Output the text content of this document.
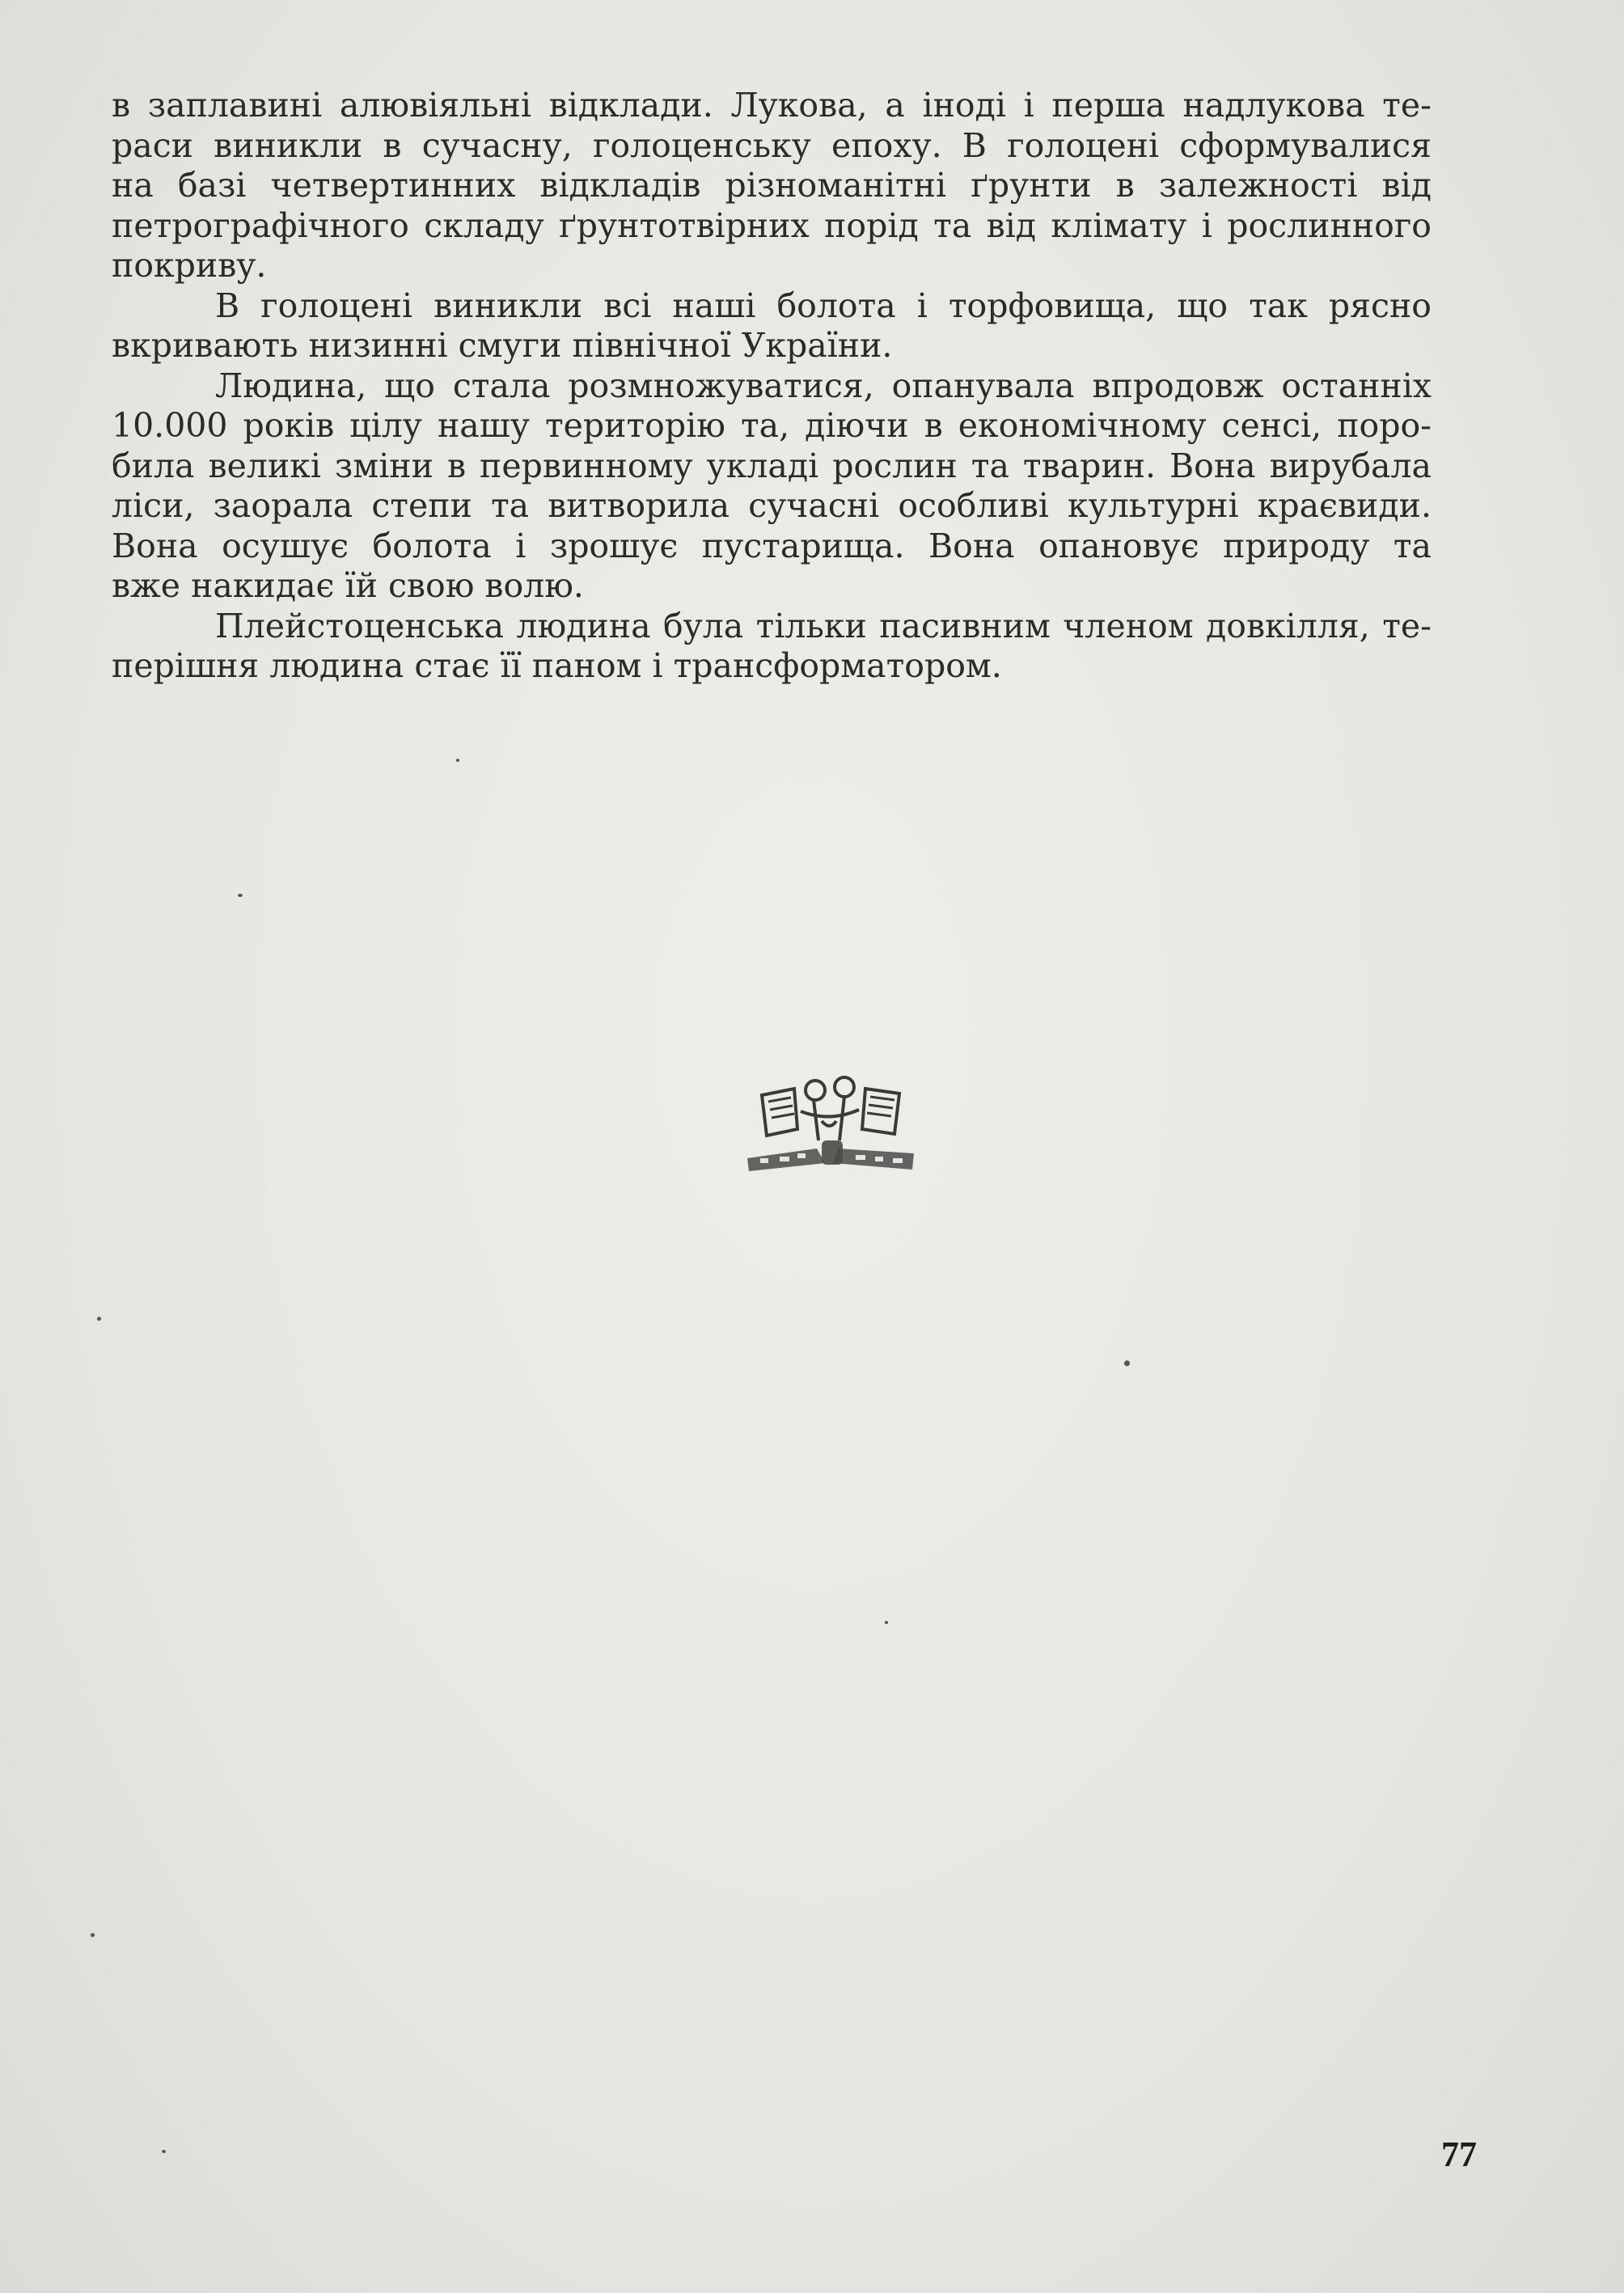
в заплавині алювіяльні відклади. Лукова, а іноді і перша надлукова те-
раси виникли в сучасну, голоценську епоху. В голоцені сформувалися
на базі четвертинних відкладів різноманітні ґрунти в залежності від
петрографічного складу ґрунтотвірних порід та від клімату і рослинного
покриву.

В голоцені виникли всі наші болота і торфовища, що так рясно
вкривають низинні смуги північної України.

Людина, що стала розмножуватися, опанувала впродовж останніх
10.000 років цілу нашу територію та, діючи в економічному сенсі, поро-
била великі зміни в первинному укладі рослин та тварин. Вона вирубала
ліси, заорала степи та витворила сучасні особливі культурні краєвиди.
Вона осушує болота і зрошує пустарища. Вона опановує природу та
вже накидає їй свою волю.

Плейстоценська людина була тільки пасивним членом довкілля, те-
перішня людина стає її паном і трансформатором.

77
